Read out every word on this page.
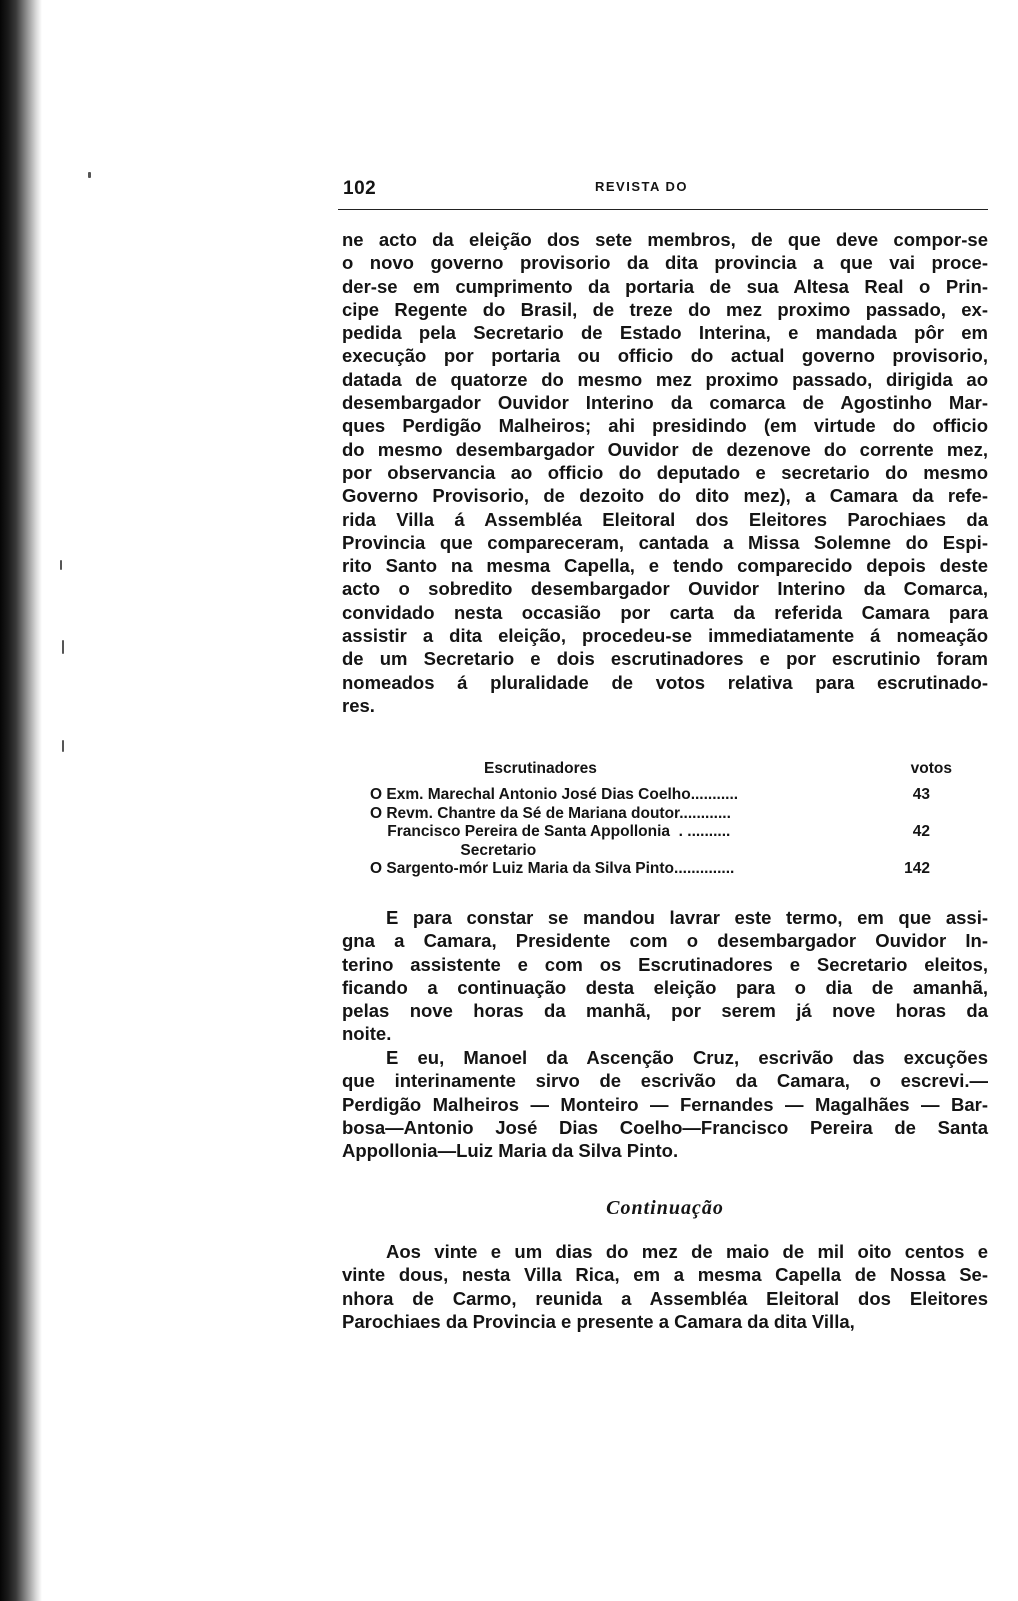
102	REVISTA DO
ne acto da eleição dos sete membros, de que deve compor-se
o novo governo provisorio da dita provincia a que vai proce-
der-se em cumprimento da portaria de sua Altesa Real o Prin-
cipe Regente do Brasil, de treze do mez proximo passado, ex-
pedida pela Secretario de Estado Interina, e mandada pôr em
execução por portaria ou officio do actual governo provisorio,
datada de quatorze do mesmo mez proximo passado, dirigida ao
desembargador Ouvidor Interino da comarca de Agostinho Mar-
ques Perdigão Malheiros; ahi presidindo (em virtude do officio
do mesmo desembargador Ouvidor de dezenove do corrente mez,
por observancia ao officio do deputado e secretario do mesmo
Governo Provisorio, de dezoito do dito mez), a Camara da refe-
rida Villa á Assembléa Eleitoral dos Eleitores Parochiaes da
Provincia que compareceram, cantada a Missa Solemne do Espi-
rito Santo na mesma Capella, e tendo comparecido depois deste
acto o sobredito desembargador Ouvidor Interino da Comarca,
convidado nesta occasião por carta da referida Camara para
assistir a dita eleição, procedeu-se immediatamente á nomeação
de um Secretario e dois escrutinadores e por escrutinio foram
nomeados á pluralidade de votos relativa para escrutinado-
res.
Escrutinadores	votos
O Exm. Marechal Antonio José Dias Coelho...........	43
O Revm. Chantre da Sé de Mariana doutor............
Francisco Pereira de Santa Appollonia  . ..........	42
Secretario
O Sargento-mór Luiz Maria da Silva Pinto..............	142
E para constar se mandou lavrar este termo, em que assi-
gna a Camara, Presidente com o desembargador Ouvidor In-
terino assistente e com os Escrutinadores e Secretario eleitos,
ficando a continuação desta eleição para o dia de amanhã,
pelas nove horas da manhã, por serem já nove horas da
noite.
E eu, Manoel da Ascenção Cruz, escrivão das excuções
que interinamente sirvo de escrivão da Camara, o escrevi.—
Perdigão Malheiros — Monteiro — Fernandes — Magalhães — Bar-
bosa—Antonio José Dias Coelho—Francisco Pereira de Santa
Appollonia—Luiz Maria da Silva Pinto.
Continuação
Aos vinte e um dias do mez de maio de mil oito centos e
vinte dous, nesta Villa Rica, em a mesma Capella de Nossa Se-
nhora de Carmo, reunida a Assembléa Eleitoral dos Eleitores
Parochiaes da Provincia e presente a Camara da dita Villa,
